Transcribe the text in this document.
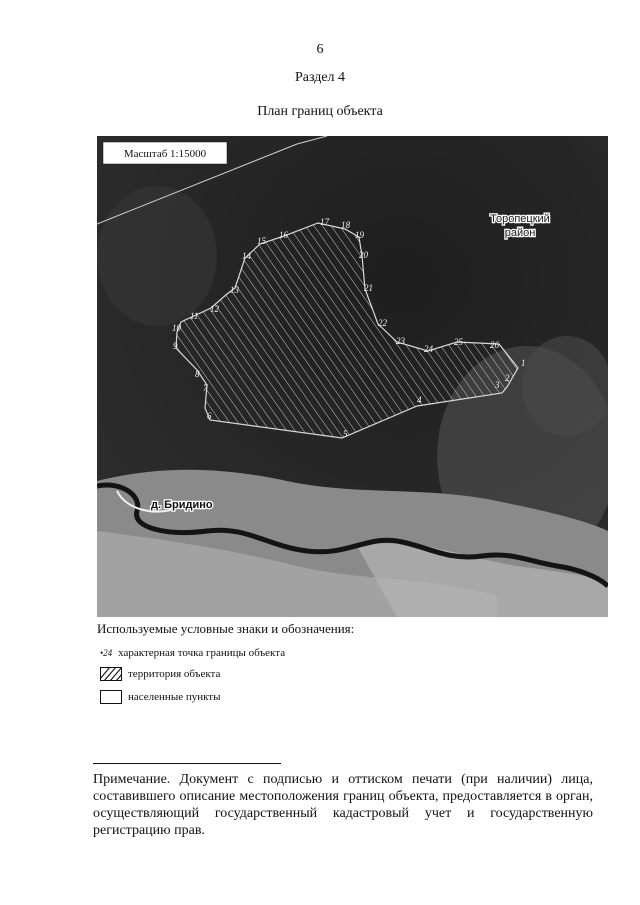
6
Раздел 4
План границ объекта
1
2
3
4
5
6
7
8
9
10
11
12
13
14
15
16
17 18
19
20
21
22
23
24
25	26
Торопецкий
район
д. Бридино
Масштаб 1:15000
Используемые условные знаки и обозначения:
•24 характерная точка границы объекта
территория объекта
населенные пункты
Примечание. Документ с подписью и оттиском печати (при наличии) лица, составившего описание местоположения границ объекта, предоставляется в орган, осуществляющий государственный кадастровый учет и государственную регистрацию прав.
